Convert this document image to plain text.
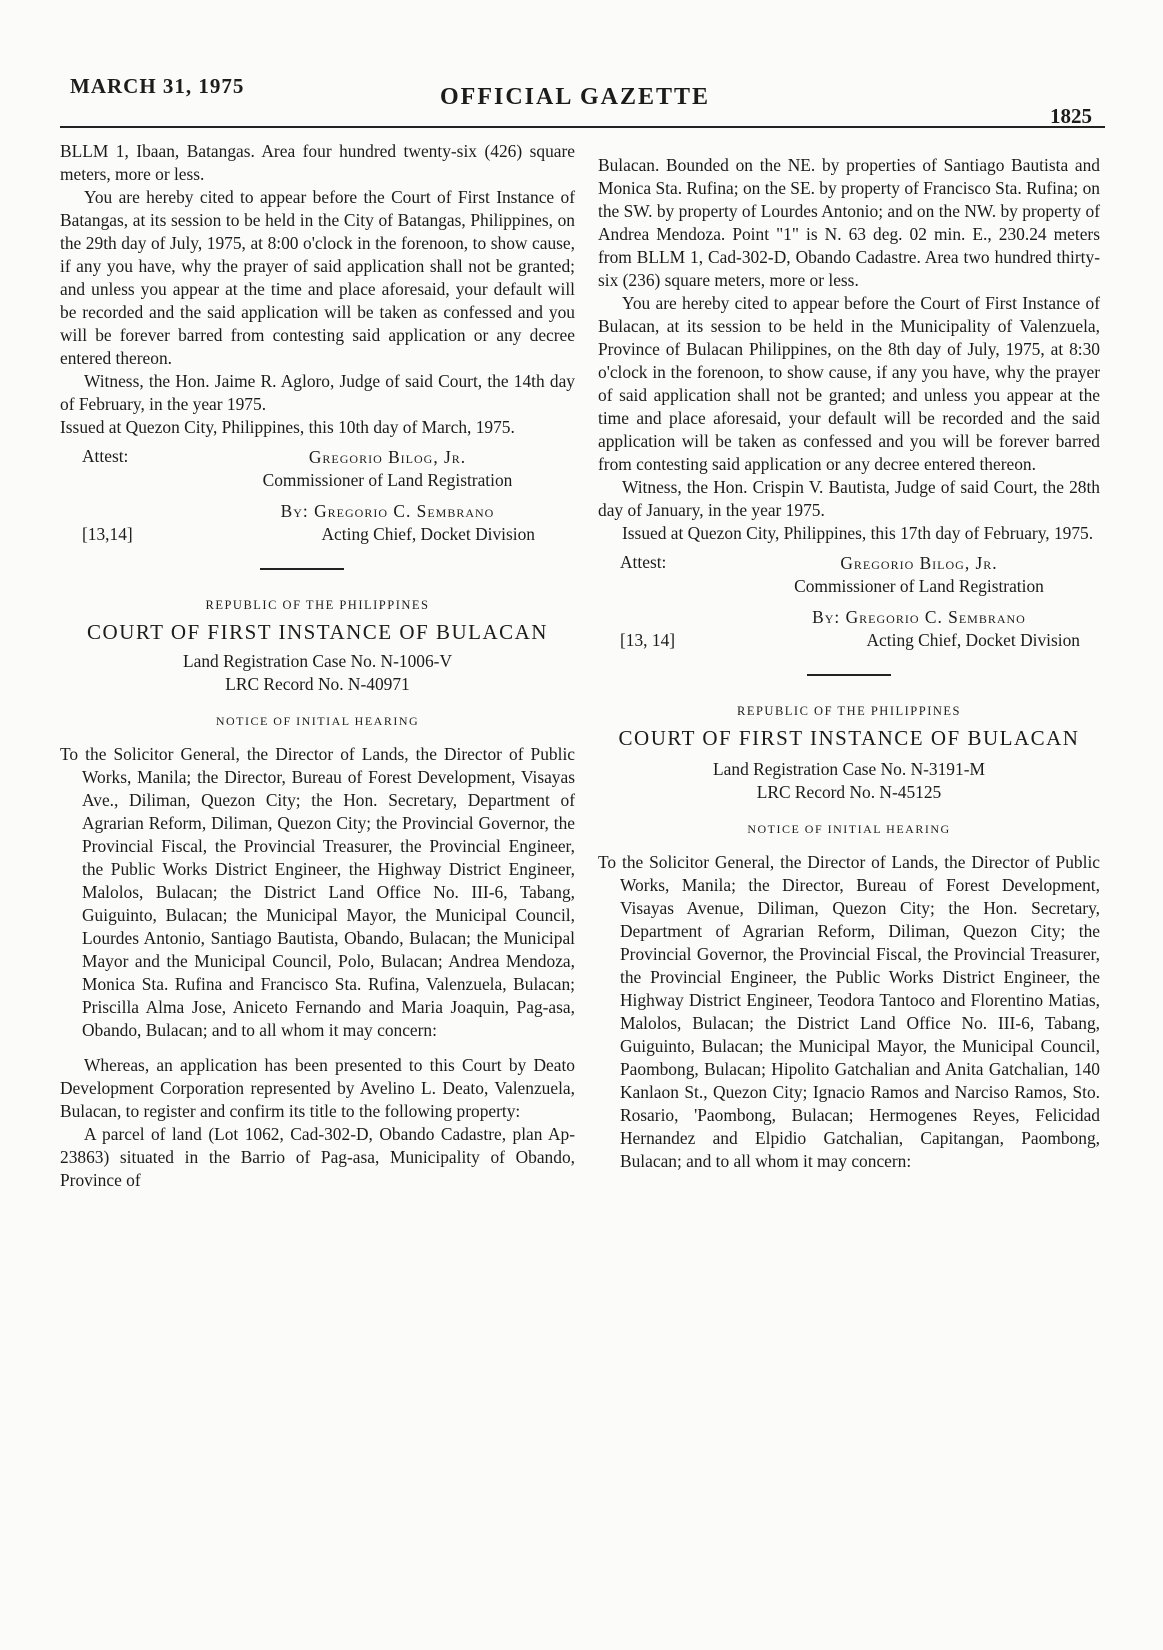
MARCH 31, 1975	OFFICIAL GAZETTE
1825

BLLM 1, Ibaan, Batangas. Area four hundred twenty-six (426) square meters, more or less.

You are hereby cited to appear before the Court of First Instance of Batangas, at its session to be held in the City of Batangas, Philippines, on the 29th day of July, 1975, at 8:00 o'clock in the forenoon, to show cause, if any you have, why the prayer of said application shall not be granted; and unless you appear at the time and place aforesaid, your default will be recorded and the said application will be taken as confessed and you will be forever barred from contesting said application or any decree entered thereon.

Witness, the Hon. Jaime R. Agloro, Judge of said Court, the 14th day of February, in the year 1975.

Issued at Quezon City, Philippines, this 10th day of March, 1975.

Attest:	Gregorio Bilog, Jr.
Commissioner of Land Registration
By: Gregorio C. Sembrano
[13,14]	Acting Chief, Docket Division

REPUBLIC OF THE PHILIPPINES

COURT OF FIRST INSTANCE OF BULACAN

Land Registration Case No. N-1006-V

LRC Record No. N-40971

NOTICE OF INITIAL HEARING

To the Solicitor General, the Director of Lands, the Director of Public Works, Manila; the Director, Bureau of Forest Development, Visayas Ave., Diliman, Quezon City; the Hon. Secretary, Department of Agrarian Reform, Diliman, Quezon City; the Provincial Governor, the Provincial Fiscal, the Provincial Treasurer, the Provincial Engineer, the Public Works District Engineer, the Highway District Engineer, Malolos, Bulacan; the District Land Office No. III-6, Tabang, Guiguinto, Bulacan; the Municipal Mayor, the Municipal Council, Lourdes Antonio, Santiago Bautista, Obando, Bulacan; the Municipal Mayor and the Municipal Council, Polo, Bulacan; Andrea Mendoza, Monica Sta. Rufina and Francisco Sta. Rufina, Valenzuela, Bulacan; Priscilla Alma Jose, Aniceto Fernando and Maria Joaquin, Pag-asa, Obando, Bulacan; and to all whom it may concern:

Whereas, an application has been presented to this Court by Deato Development Corporation represented by Avelino L. Deato, Valenzuela, Bulacan, to register and confirm its title to the following property:

A parcel of land (Lot 1062, Cad-302-D, Obando Cadastre, plan Ap-23863) situated in the Barrio of Pag-asa, Municipality of Obando, Province of

Bulacan. Bounded on the NE. by properties of Santiago Bautista and Monica Sta. Rufina; on the SE. by property of Francisco Sta. Rufina; on the SW. by property of Lourdes Antonio; and on the NW. by property of Andrea Mendoza. Point "1" is N. 63 deg. 02 min. E., 230.24 meters from BLLM 1, Cad-302-D, Obando Cadastre. Area two hundred thirty-six (236) square meters, more or less.

You are hereby cited to appear before the Court of First Instance of Bulacan, at its session to be held in the Municipality of Valenzuela, Province of Bulacan Philippines, on the 8th day of July, 1975, at 8:30 o'clock in the forenoon, to show cause, if any you have, why the prayer of said application shall not be granted; and unless you appear at the time and place aforesaid, your default will be recorded and the said application will be taken as confessed and you will be forever barred from contesting said application or any decree entered thereon.

Witness, the Hon. Crispin V. Bautista, Judge of said Court, the 28th day of January, in the year 1975.

Issued at Quezon City, Philippines, this 17th day of February, 1975.

Attest:	Gregorio Bilog, Jr.
Commissioner of Land Registration
By: Gregorio C. Sembrano
[13, 14]	Acting Chief, Docket Division

REPUBLIC OF THE PHILIPPINES

COURT OF FIRST INSTANCE OF BULACAN

Land Registration Case No. N-3191-M

LRC Record No. N-45125

NOTICE OF INITIAL HEARING

To the Solicitor General, the Director of Lands, the Director of Public Works, Manila; the Director, Bureau of Forest Development, Visayas Avenue, Diliman, Quezon City; the Hon. Secretary, Department of Agrarian Reform, Diliman, Quezon City; the Provincial Governor, the Provincial Fiscal, the Provincial Treasurer, the Provincial Engineer, the Public Works District Engineer, the Highway District Engineer, Teodora Tantoco and Florentino Matias, Malolos, Bulacan; the District Land Office No. III-6, Tabang, Guiguinto, Bulacan; the Municipal Mayor, the Municipal Council, Paombong, Bulacan; Hipolito Gatchalian and Anita Gatchalian, 140 Kanlaon St., Quezon City; Ignacio Ramos and Narciso Ramos, Sto. Rosario, 'Paombong, Bulacan; Hermogenes Reyes, Felicidad Hernandez and Elpidio Gatchalian, Capitangan, Paombong, Bulacan; and to all whom it may concern:
